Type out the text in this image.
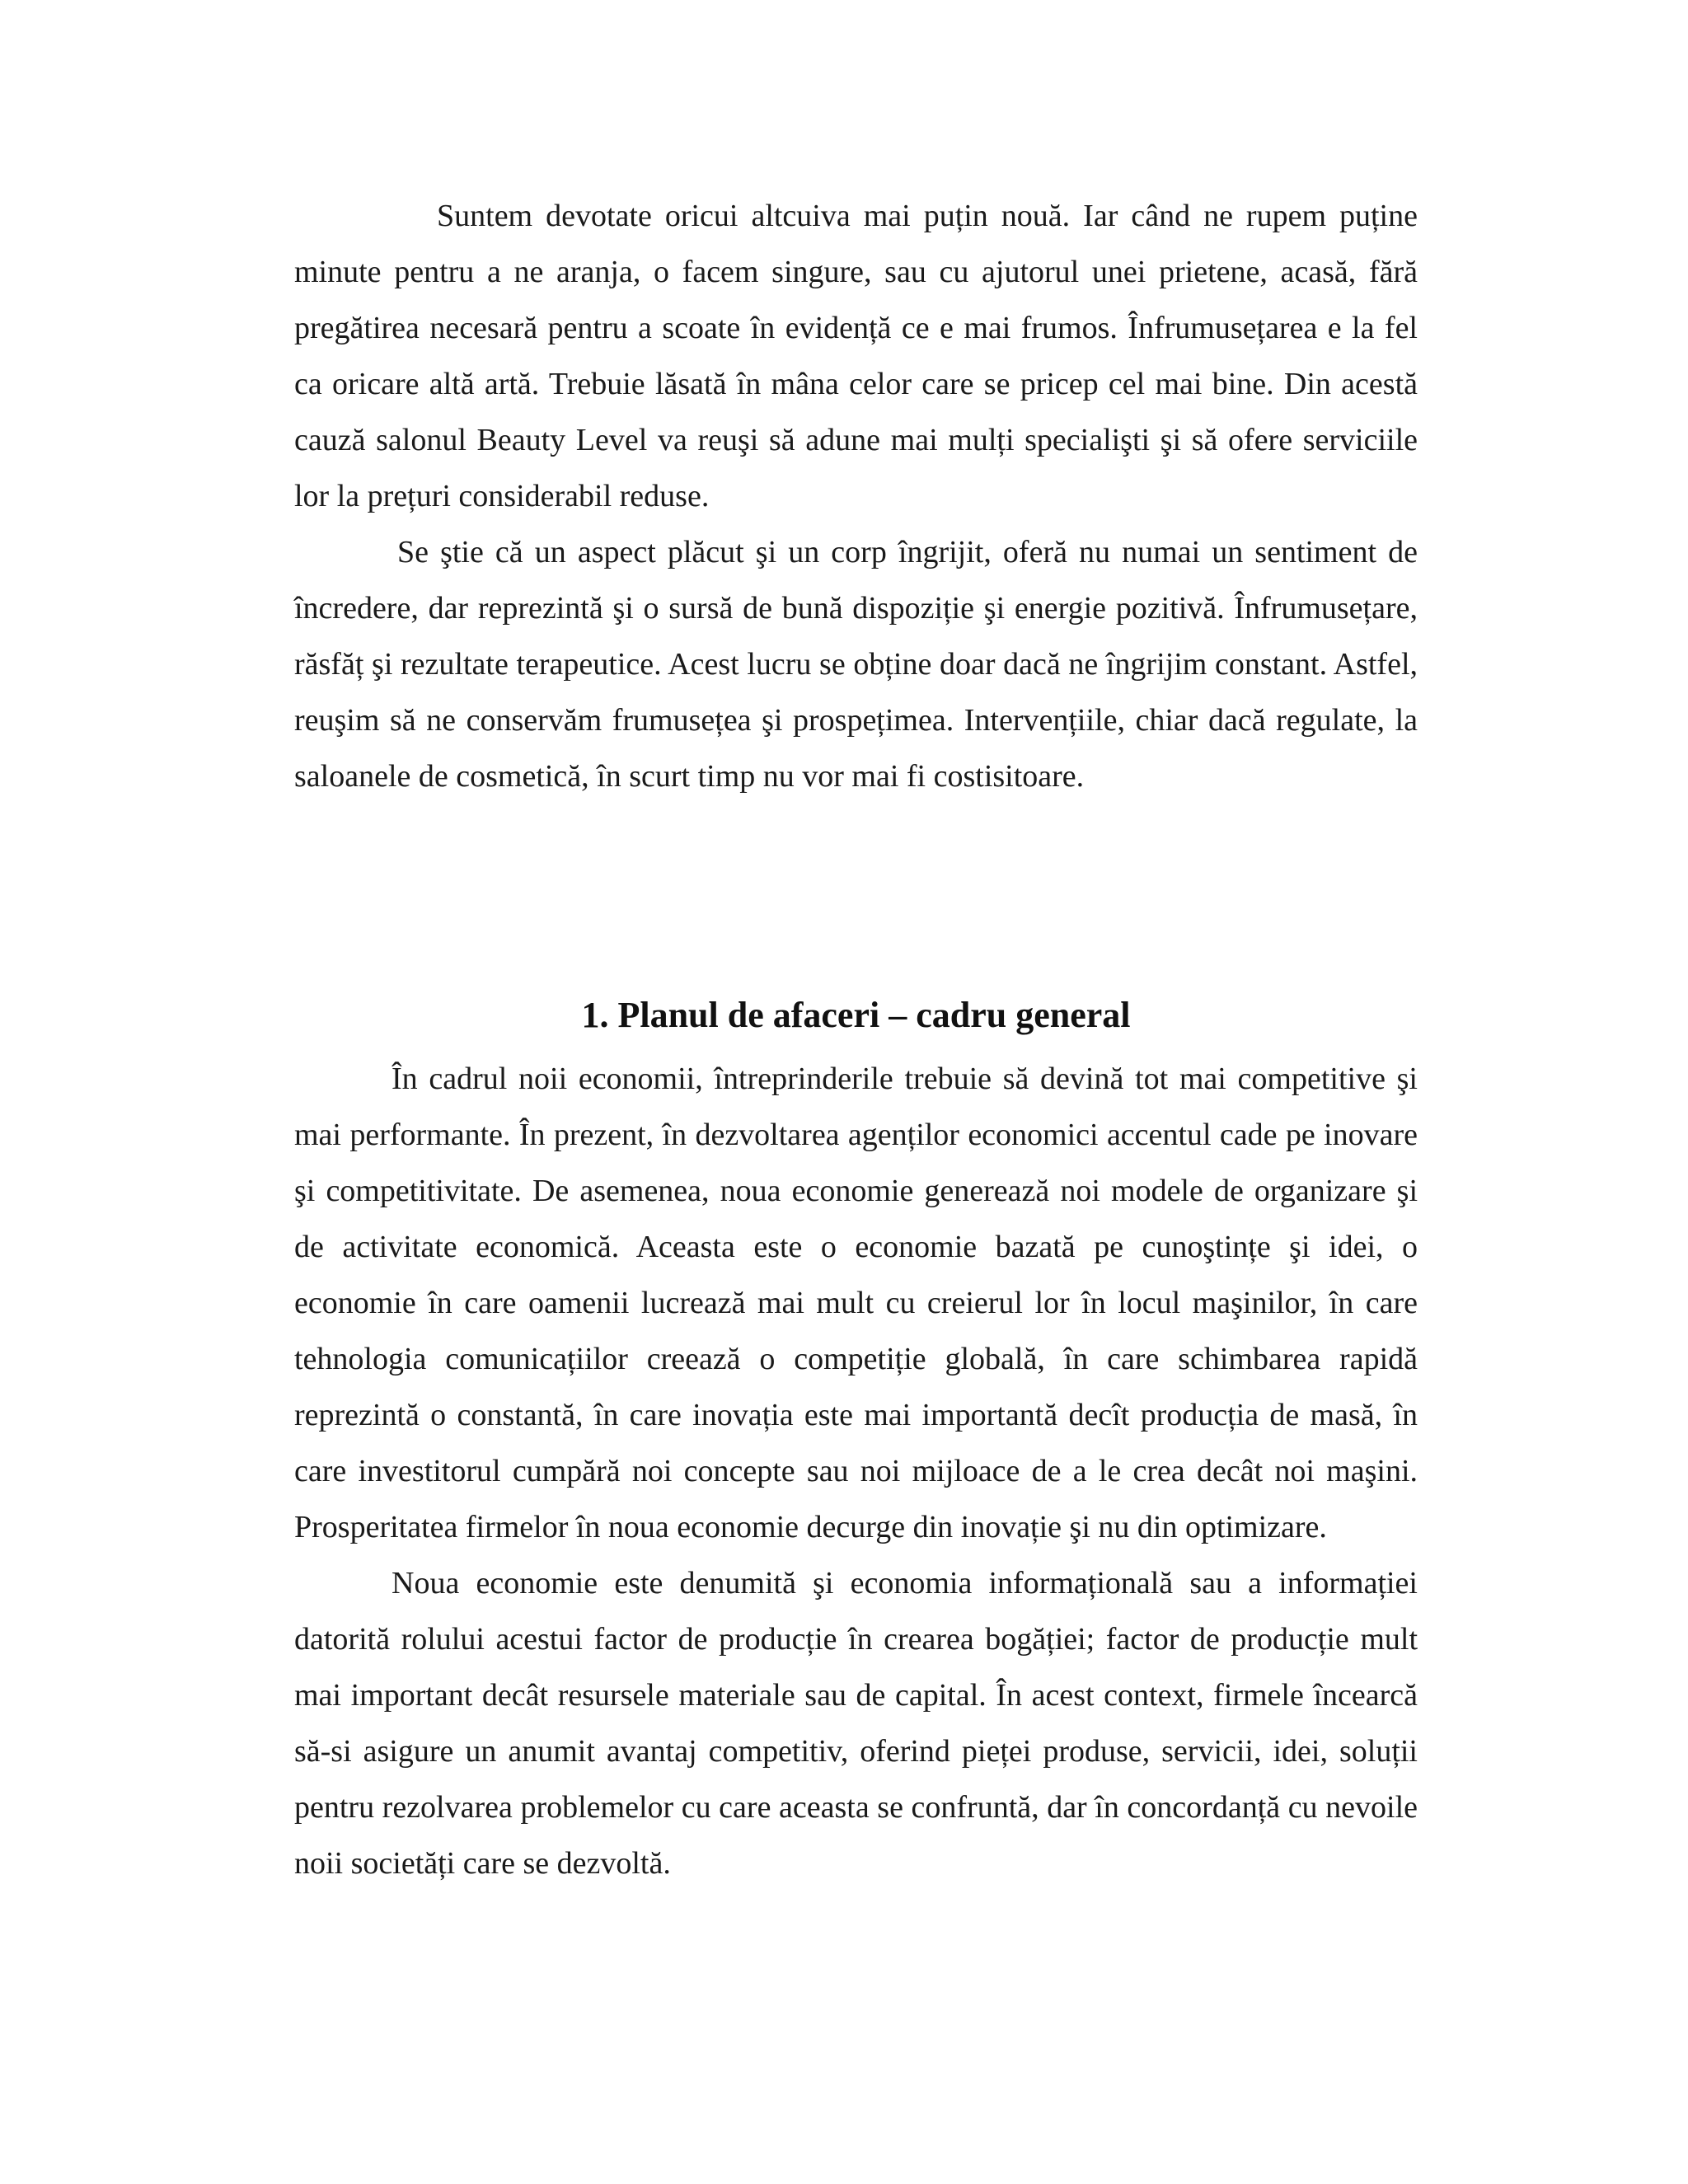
Suntem devotate oricui altcuiva mai puțin nouă. Iar când ne rupem puține minute pentru a ne aranja, o facem singure, sau cu ajutorul unei prietene, acasă, fără pregătirea necesară pentru a scoate în evidență ce e mai frumos. Înfrumusețarea e la fel ca oricare altă artă. Trebuie lăsată în mâna celor care se pricep cel mai bine. Din acestă cauză salonul Beauty Level va reuşi să adune mai mulți specialişti şi să ofere serviciile lor la prețuri considerabil reduse.

Se ştie că un aspect plăcut şi un corp îngrijit, oferă nu numai un sentiment de încredere, dar reprezintă şi o sursă de bună dispoziție şi energie pozitivă. Înfrumusețare, răsfăț şi rezultate terapeutice. Acest lucru se obține doar dacă ne îngrijim constant. Astfel, reuşim să ne conservăm frumusețea şi prospețimea. Intervențiile, chiar dacă regulate, la saloanele de cosmetică, în scurt timp nu vor mai fi costisitoare.

1. Planul de afaceri – cadru general

În cadrul noii economii, întreprinderile trebuie să devină tot mai competitive şi mai performante. În prezent, în dezvoltarea agenților economici accentul cade pe inovare şi competitivitate. De asemenea, noua economie generează noi modele de organizare şi de activitate economică. Aceasta este o economie bazată pe cunoştințe şi idei, o economie în care oamenii lucrează mai mult cu creierul lor în locul maşinilor, în care tehnologia comunicațiilor creează o competiție globală, în care schimbarea rapidă reprezintă o constantă, în care inovația este mai importantă decît producția de masă, în care investitorul cumpără noi concepte sau noi mijloace de a le crea decât noi maşini. Prosperitatea firmelor în noua economie decurge din inovație şi nu din optimizare.

Noua economie este denumită şi economia informațională sau a informației datorită rolului acestui factor de producție în crearea bogăției; factor de producție mult mai important decât resursele materiale sau de capital. În acest context, firmele încearcă să-si asigure un anumit avantaj competitiv, oferind pieței produse, servicii, idei, soluții pentru rezolvarea problemelor cu care aceasta se confruntă, dar în concordanță cu nevoile noii societăți care se dezvoltă.
